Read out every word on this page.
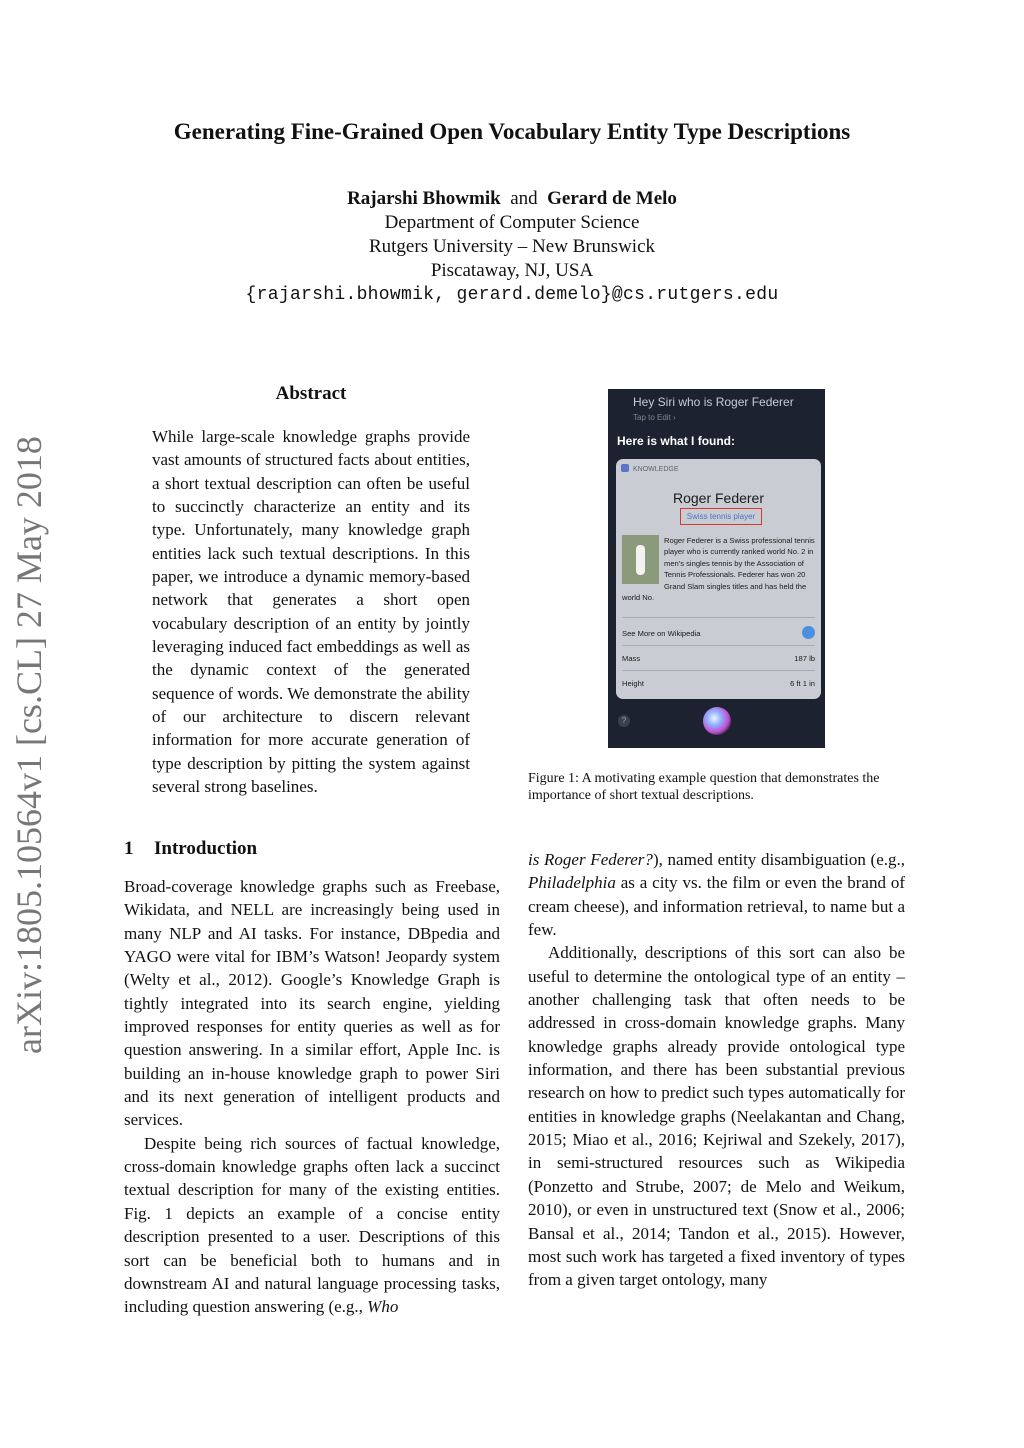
Generating Fine-Grained Open Vocabulary Entity Type Descriptions
Rajarshi Bhowmik and Gerard de Melo
Department of Computer Science
Rutgers University – New Brunswick
Piscataway, NJ, USA
{rajarshi.bhowmik, gerard.demelo}@cs.rutgers.edu
arXiv:1805.10564v1 [cs.CL] 27 May 2018
Abstract
While large-scale knowledge graphs provide vast amounts of structured facts about entities, a short textual description can often be useful to succinctly characterize an entity and its type. Unfortunately, many knowledge graph entities lack such textual descriptions. In this paper, we introduce a dynamic memory-based network that generates a short open vocabulary description of an entity by jointly leveraging induced fact embeddings as well as the dynamic context of the generated sequence of words. We demonstrate the ability of our architecture to discern relevant information for more accurate generation of type description by pitting the system against several strong baselines.
1 Introduction

Broad-coverage knowledge graphs such as Freebase, Wikidata, and NELL are increasingly being used in many NLP and AI tasks. For instance, DBpedia and YAGO were vital for IBM’s Watson! Jeopardy system (Welty et al., 2012). Google’s Knowledge Graph is tightly integrated into its search engine, yielding improved responses for entity queries as well as for question answering. In a similar effort, Apple Inc. is building an in-house knowledge graph to power Siri and its next generation of intelligent products and services.

Despite being rich sources of factual knowledge, cross-domain knowledge graphs often lack a succinct textual description for many of the existing entities. Fig. 1 depicts an example of a concise entity description presented to a user. Descriptions of this sort can be beneficial both to humans and in downstream AI and natural language processing tasks, including question answering (e.g., Who

is Roger Federer?), named entity disambiguation (e.g., Philadelphia as a city vs. the film or even the brand of cream cheese), and information retrieval, to name but a few.

Additionally, descriptions of this sort can also be useful to determine the ontological type of an entity – another challenging task that often needs to be addressed in cross-domain knowledge graphs. Many knowledge graphs already provide ontological type information, and there has been substantial previous research on how to predict such types automatically for entities in knowledge graphs (Neelakantan and Chang, 2015; Miao et al., 2016; Kejriwal and Szekely, 2017), in semi-structured resources such as Wikipedia (Ponzetto and Strube, 2007; de Melo and Weikum, 2010), or even in unstructured text (Snow et al., 2006; Bansal et al., 2014; Tandon et al., 2015). However, most such work has targeted a fixed inventory of types from a given target ontology, many

Hey Siri who is Roger Federer
Tap to Edit ›
Here is what I found:
KNOWLEDGE
Roger Federer
Swiss tennis player
Roger Federer is a Swiss professional tennis player who is currently ranked world No. 2 in men's singles tennis by the Association of Tennis Professionals. Federer has won 20 Grand Slam singles titles and has held the world No.
See More on Wikipedia
Mass	187 lb
Height	6 ft 1 in
?
Figure 1: A motivating example question that demonstrates the importance of short textual descriptions.
